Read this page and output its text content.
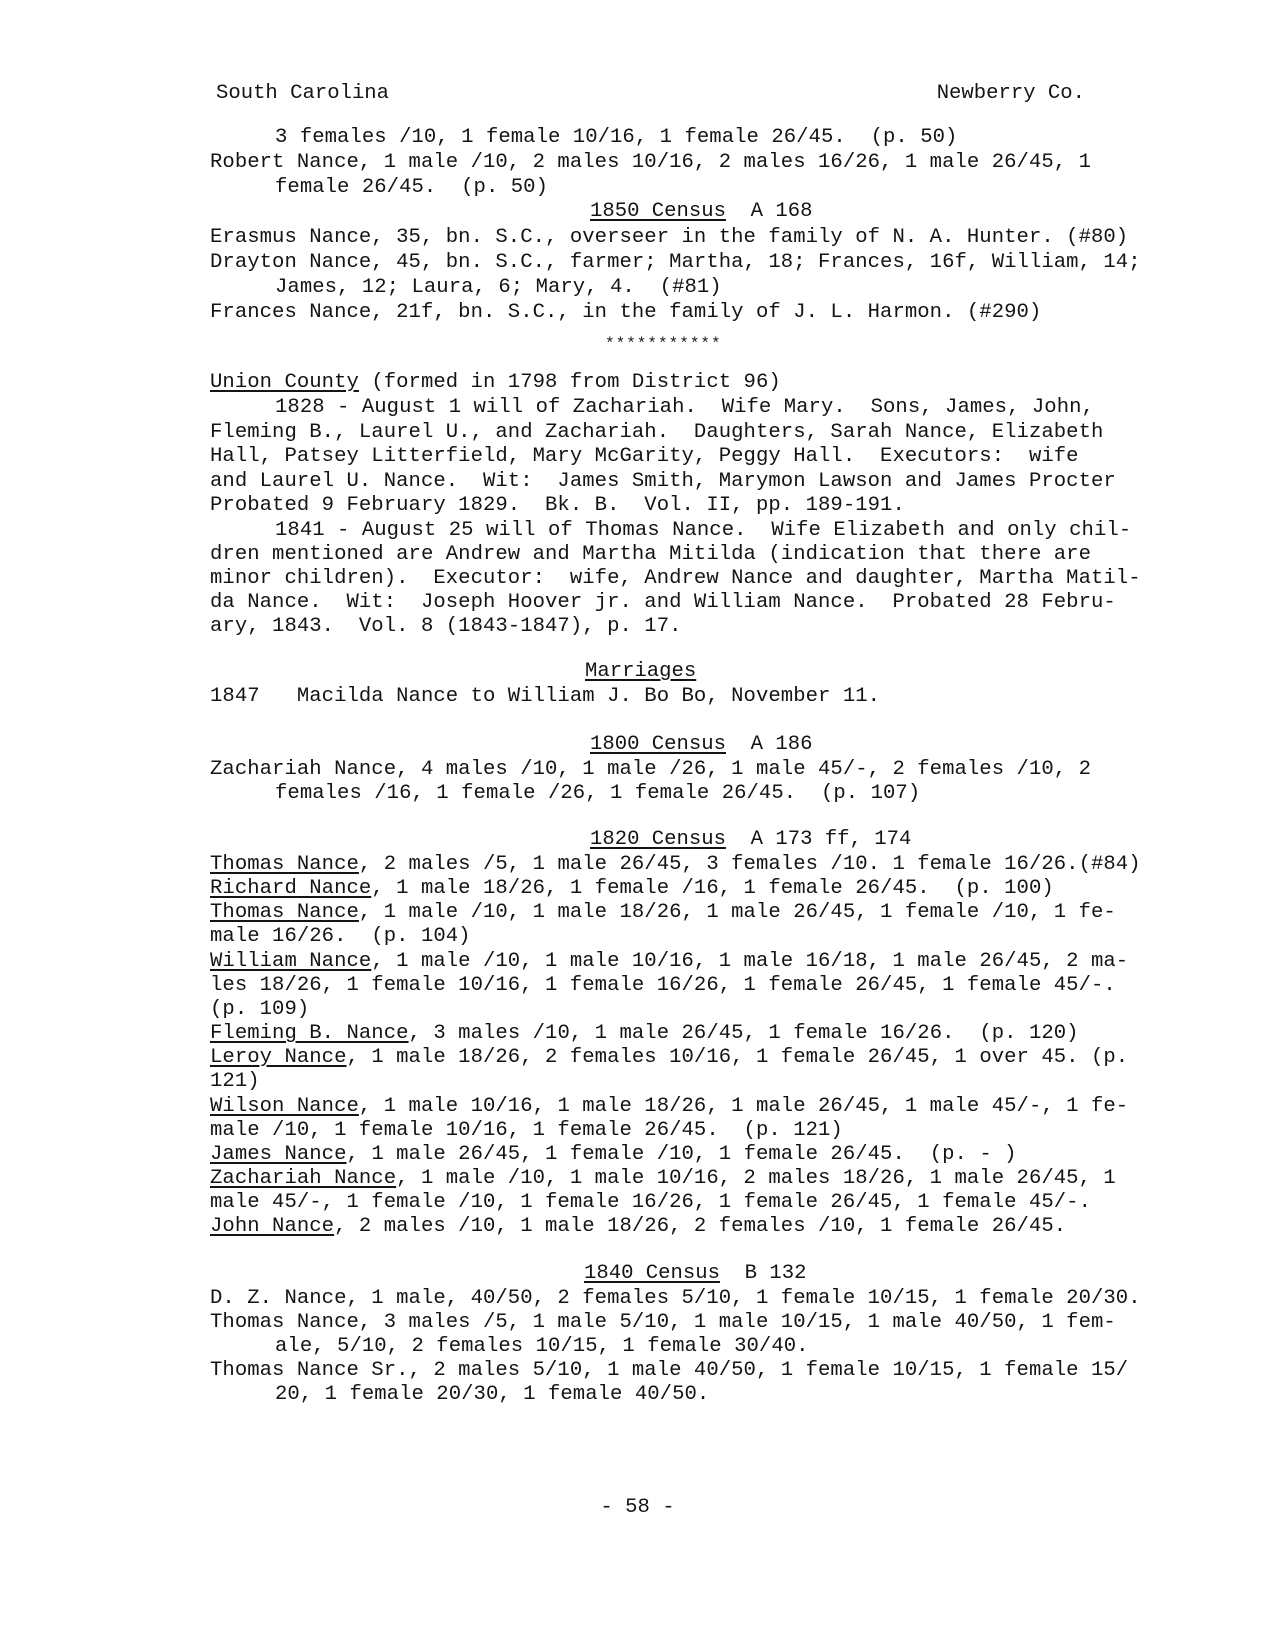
South Carolina	Newberry Co.
3 females /10, 1 female 10/16, 1 female 26/45.  (p. 50)
Robert Nance, 1 male /10, 2 males 10/16, 2 males 16/26, 1 male 26/45, 1
female 26/45.  (p. 50)
1850 Census A 168
Erasmus Nance, 35, bn. S.C., overseer in the family of N. A. Hunter. (#80)
Drayton Nance, 45, bn. S.C., farmer; Martha, 18; Frances, 16f, William, 14;
James, 12; Laura, 6; Mary, 4.  (#81)
Frances Nance, 21f, bn. S.C., in the family of J. L. Harmon. (#290)
***********
Union County (formed in 1798 from District 96)
1828 - August 1 will of Zachariah.  Wife Mary.  Sons, James, John,
Fleming B., Laurel U., and Zachariah.  Daughters, Sarah Nance, Elizabeth
Hall, Patsey Litterfield, Mary McGarity, Peggy Hall.  Executors:  wife
and Laurel U. Nance.  Wit:  James Smith, Marymon Lawson and James Procter
Probated 9 February 1829.  Bk. B.  Vol. II, pp. 189-191.
1841 - August 25 will of Thomas Nance.  Wife Elizabeth and only chil-
dren mentioned are Andrew and Martha Mitilda (indication that there are
minor children).  Executor:  wife, Andrew Nance and daughter, Martha Matil-
da Nance.  Wit:  Joseph Hoover jr. and William Nance.  Probated 28 Febru-
ary, 1843.  Vol. 8 (1843-1847), p. 17.
Marriages
1847   Macilda Nance to William J. Bo Bo, November 11.
1800 Census A 186
Zachariah Nance, 4 males /10, 1 male /26, 1 male 45/-, 2 females /10, 2
females /16, 1 female /26, 1 female 26/45.  (p. 107)
1820 Census A 173 ff, 174
Thomas Nance, 2 males /5, 1 male 26/45, 3 females /10. 1 female 16/26.(#84)
Richard Nance, 1 male 18/26, 1 female /16, 1 female 26/45.  (p. 100)
Thomas Nance, 1 male /10, 1 male 18/26, 1 male 26/45, 1 female /10, 1 fe-
male 16/26.  (p. 104)
William Nance, 1 male /10, 1 male 10/16, 1 male 16/18, 1 male 26/45, 2 ma-
les 18/26, 1 female 10/16, 1 female 16/26, 1 female 26/45, 1 female 45/-.
(p. 109)
Fleming B. Nance, 3 males /10, 1 male 26/45, 1 female 16/26.  (p. 120)
Leroy Nance, 1 male 18/26, 2 females 10/16, 1 female 26/45, 1 over 45. (p.
121)
Wilson Nance, 1 male 10/16, 1 male 18/26, 1 male 26/45, 1 male 45/-, 1 fe-
male /10, 1 female 10/16, 1 female 26/45.  (p. 121)
James Nance, 1 male 26/45, 1 female /10, 1 female 26/45.  (p. - )
Zachariah Nance, 1 male /10, 1 male 10/16, 2 males 18/26, 1 male 26/45, 1
male 45/-, 1 female /10, 1 female 16/26, 1 female 26/45, 1 female 45/-.
John Nance, 2 males /10, 1 male 18/26, 2 females /10, 1 female 26/45.
1840 Census B 132
D. Z. Nance, 1 male, 40/50, 2 females 5/10, 1 female 10/15, 1 female 20/30.
Thomas Nance, 3 males /5, 1 male 5/10, 1 male 10/15, 1 male 40/50, 1 fem-
ale, 5/10, 2 females 10/15, 1 female 30/40.
Thomas Nance Sr., 2 males 5/10, 1 male 40/50, 1 female 10/15, 1 female 15/
20, 1 female 20/30, 1 female 40/50.
- 58 -
